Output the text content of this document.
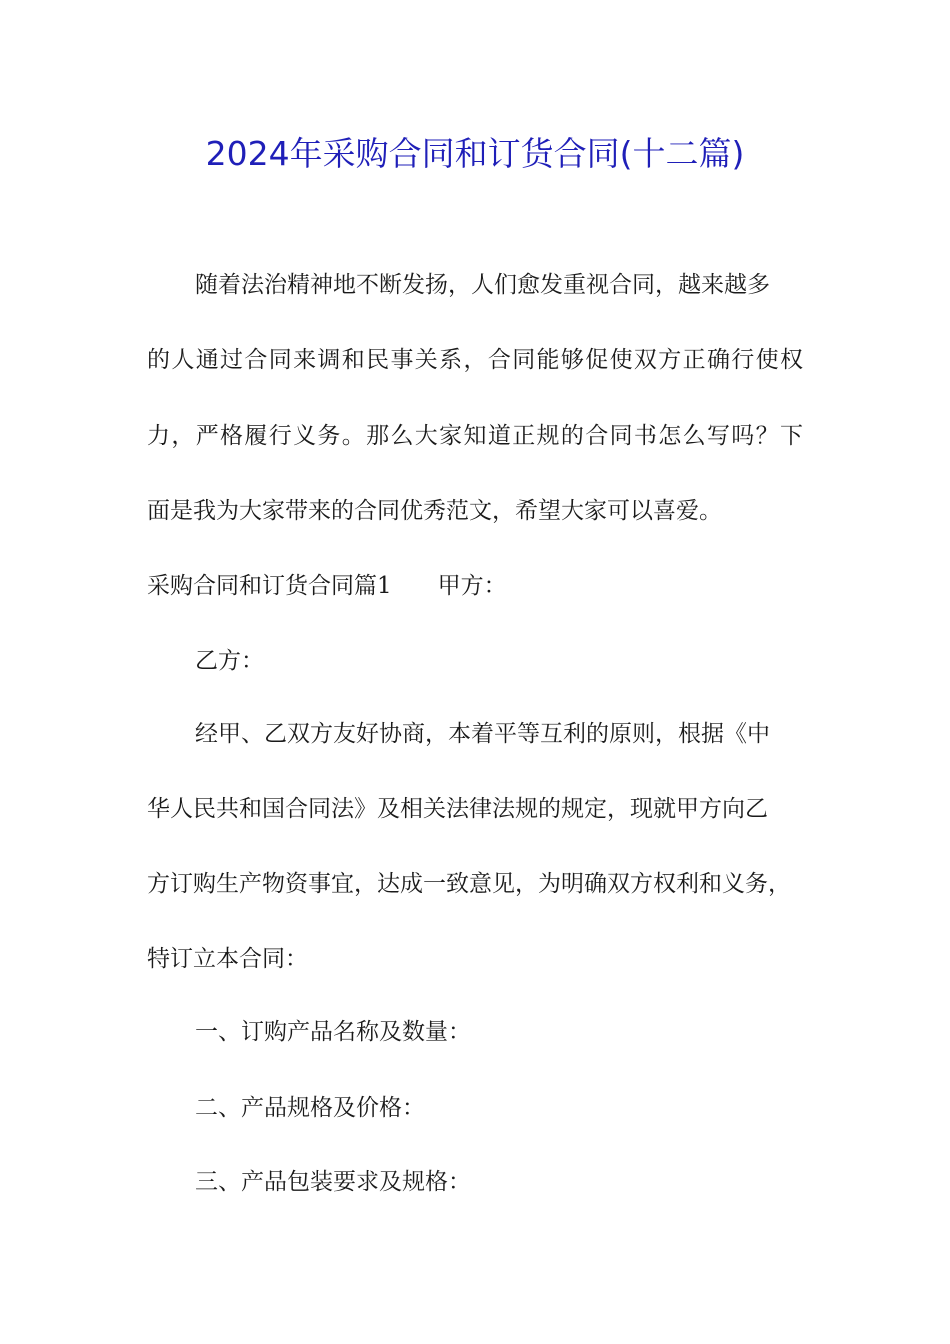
2024年采购合同和订货合同(十二篇)
随着法治精神地不断发扬，人们愈发重视合同，越来越多
的人通过合同来调和民事关系，合同能够促使双方正确行使权
力，严格履行义务。那么大家知道正规的合同书怎么写吗？下
面是我为大家带来的合同优秀范文，希望大家可以喜爱。
采购合同和订货合同篇1　　甲方：
乙方：
经甲、乙双方友好协商，本着平等互利的原则，根据《中
华人民共和国合同法》及相关法律法规的规定，现就甲方向乙
方订购生产物资事宜，达成一致意见，为明确双方权利和义务，
特订立本合同：
一、订购产品名称及数量：
二、产品规格及价格：
三、产品包装要求及规格：
